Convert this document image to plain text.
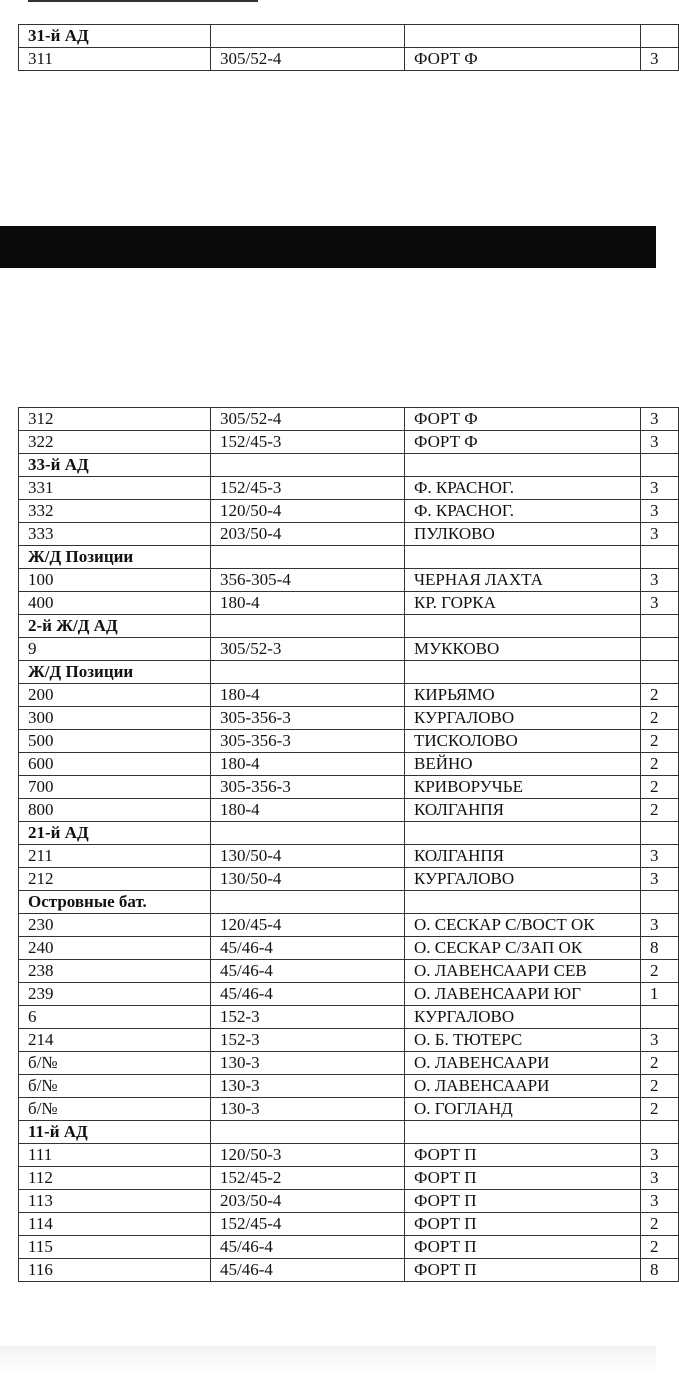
31-й АД			
311	305/52-4	ФОРТ Ф	3
312	305/52-4	ФОРТ Ф	3
322	152/45-3	ФОРТ Ф	3
33-й АД			
331	152/45-3	Ф. КРАСНОГ.	3
332	120/50-4	Ф. КРАСНОГ.	3
333	203/50-4	ПУЛКОВО	3
Ж/Д Позиции			
100	356-305-4	ЧЕРНАЯ ЛАХТА	3
400	180-4	КР. ГОРКА	3
2-й Ж/Д АД			
9	305/52-3	МУККОВО	
Ж/Д Позиции			
200	180-4	КИРЬЯМО	2
300	305-356-3	КУРГАЛОВО	2
500	305-356-3	ТИСКОЛОВО	2
600	180-4	ВЕЙНО	2
700	305-356-3	КРИВОРУЧЬЕ	2
800	180-4	КОЛГАНПЯ	2
21-й АД			
211	130/50-4	КОЛГАНПЯ	3
212	130/50-4	КУРГАЛОВО	3
Островные бат.			
230	120/45-4	О. СЕСКАР С/ВОСТ ОК	3
240	45/46-4	О. СЕСКАР С/ЗАП ОК	8
238	45/46-4	О. ЛАВЕНСААРИ СЕВ	2
239	45/46-4	О. ЛАВЕНСААРИ ЮГ	1
6	152-3	КУРГАЛОВО	
214	152-3	О. Б. ТЮТЕРС	3
б/№	130-3	О. ЛАВЕНСААРИ	2
б/№	130-3	О. ЛАВЕНСААРИ	2
б/№	130-3	О. ГОГЛАНД	2
11-й АД			
111	120/50-3	ФОРТ П	3
112	152/45-2	ФОРТ П	3
113	203/50-4	ФОРТ П	3
114	152/45-4	ФОРТ П	2
115	45/46-4	ФОРТ П	2
116	45/46-4	ФОРТ П	8
